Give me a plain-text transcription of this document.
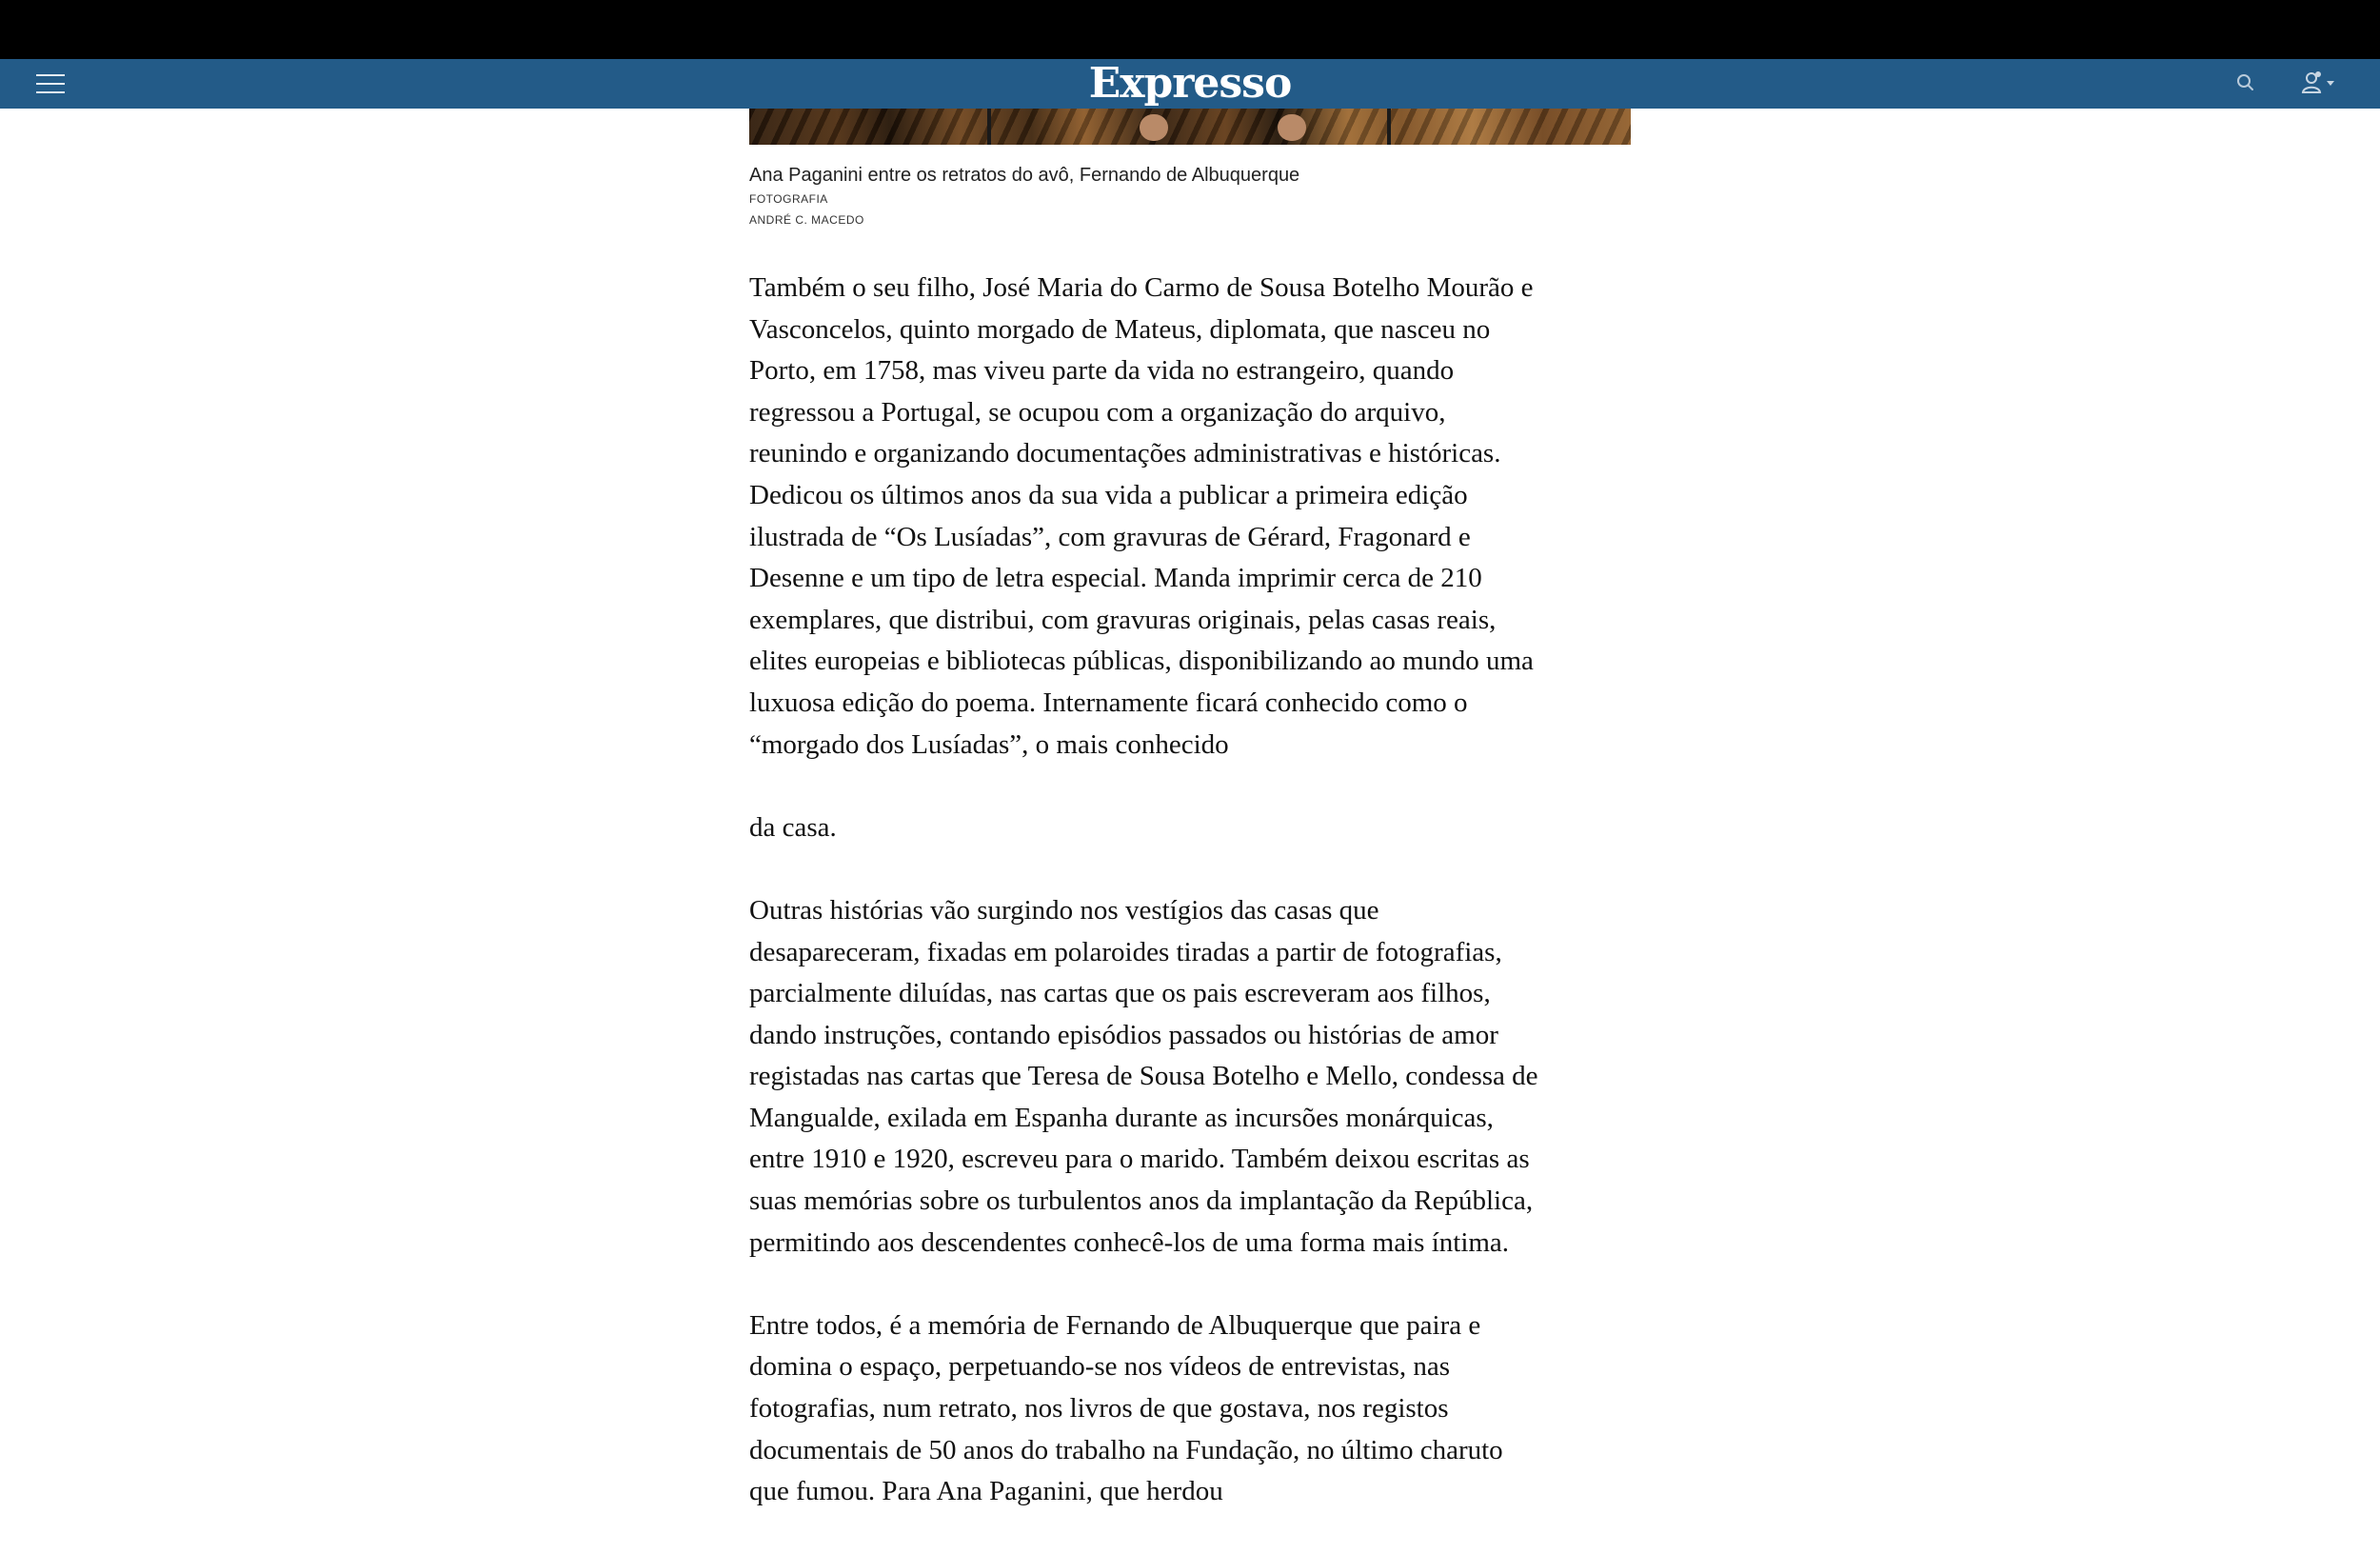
Expresso
Ana Paganini entre os retratos do avô, Fernando de Albuquerque
FOTOGRAFIA
ANDRÉ C. MACEDO

Também o seu filho, José Maria do Carmo de Sousa Botelho Mourão e
Vasconcelos, quinto morgado de Mateus, diplomata, que nasceu no
Porto, em 1758, mas viveu parte da vida no estrangeiro, quando
regressou a Portugal, se ocupou com a organização do arquivo,
reunindo e organizando documentações administrativas e históricas.
Dedicou os últimos anos da sua vida a publicar a primeira edição
ilustrada de “Os Lusíadas”, com gravuras de Gérard, Fragonard e
Desenne e um tipo de letra especial. Manda imprimir cerca de 210
exemplares, que distribui, com gravuras originais, pelas casas reais,
elites europeias e bibliotecas públicas, disponibilizando ao mundo uma
luxuosa edição do poema. Internamente ficará conhecido como o
“morgado dos Lusíadas”, o mais conhecido

da casa.

Outras histórias vão surgindo nos vestígios das casas que
desapareceram, fixadas em polaroides tiradas a partir de fotografias,
parcialmente diluídas, nas cartas que os pais escreveram aos filhos,
dando instruções, contando episódios passados ou histórias de amor
registadas nas cartas que Teresa de Sousa Botelho e Mello, condessa de
Mangualde, exilada em Espanha durante as incursões monárquicas,
entre 1910 e 1920, escreveu para o marido. Também deixou escritas as
suas memórias sobre os turbulentos anos da implantação da República,
permitindo aos descendentes conhecê-los de uma forma mais íntima.

Entre todos, é a memória de Fernando de Albuquerque que paira e
domina o espaço, perpetuando-se nos vídeos de entrevistas, nas
fotografias, num retrato, nos livros de que gostava, nos registos
documentais de 50 anos do trabalho na Fundação, no último charuto
que fumou. Para Ana Paganini, que herdou
